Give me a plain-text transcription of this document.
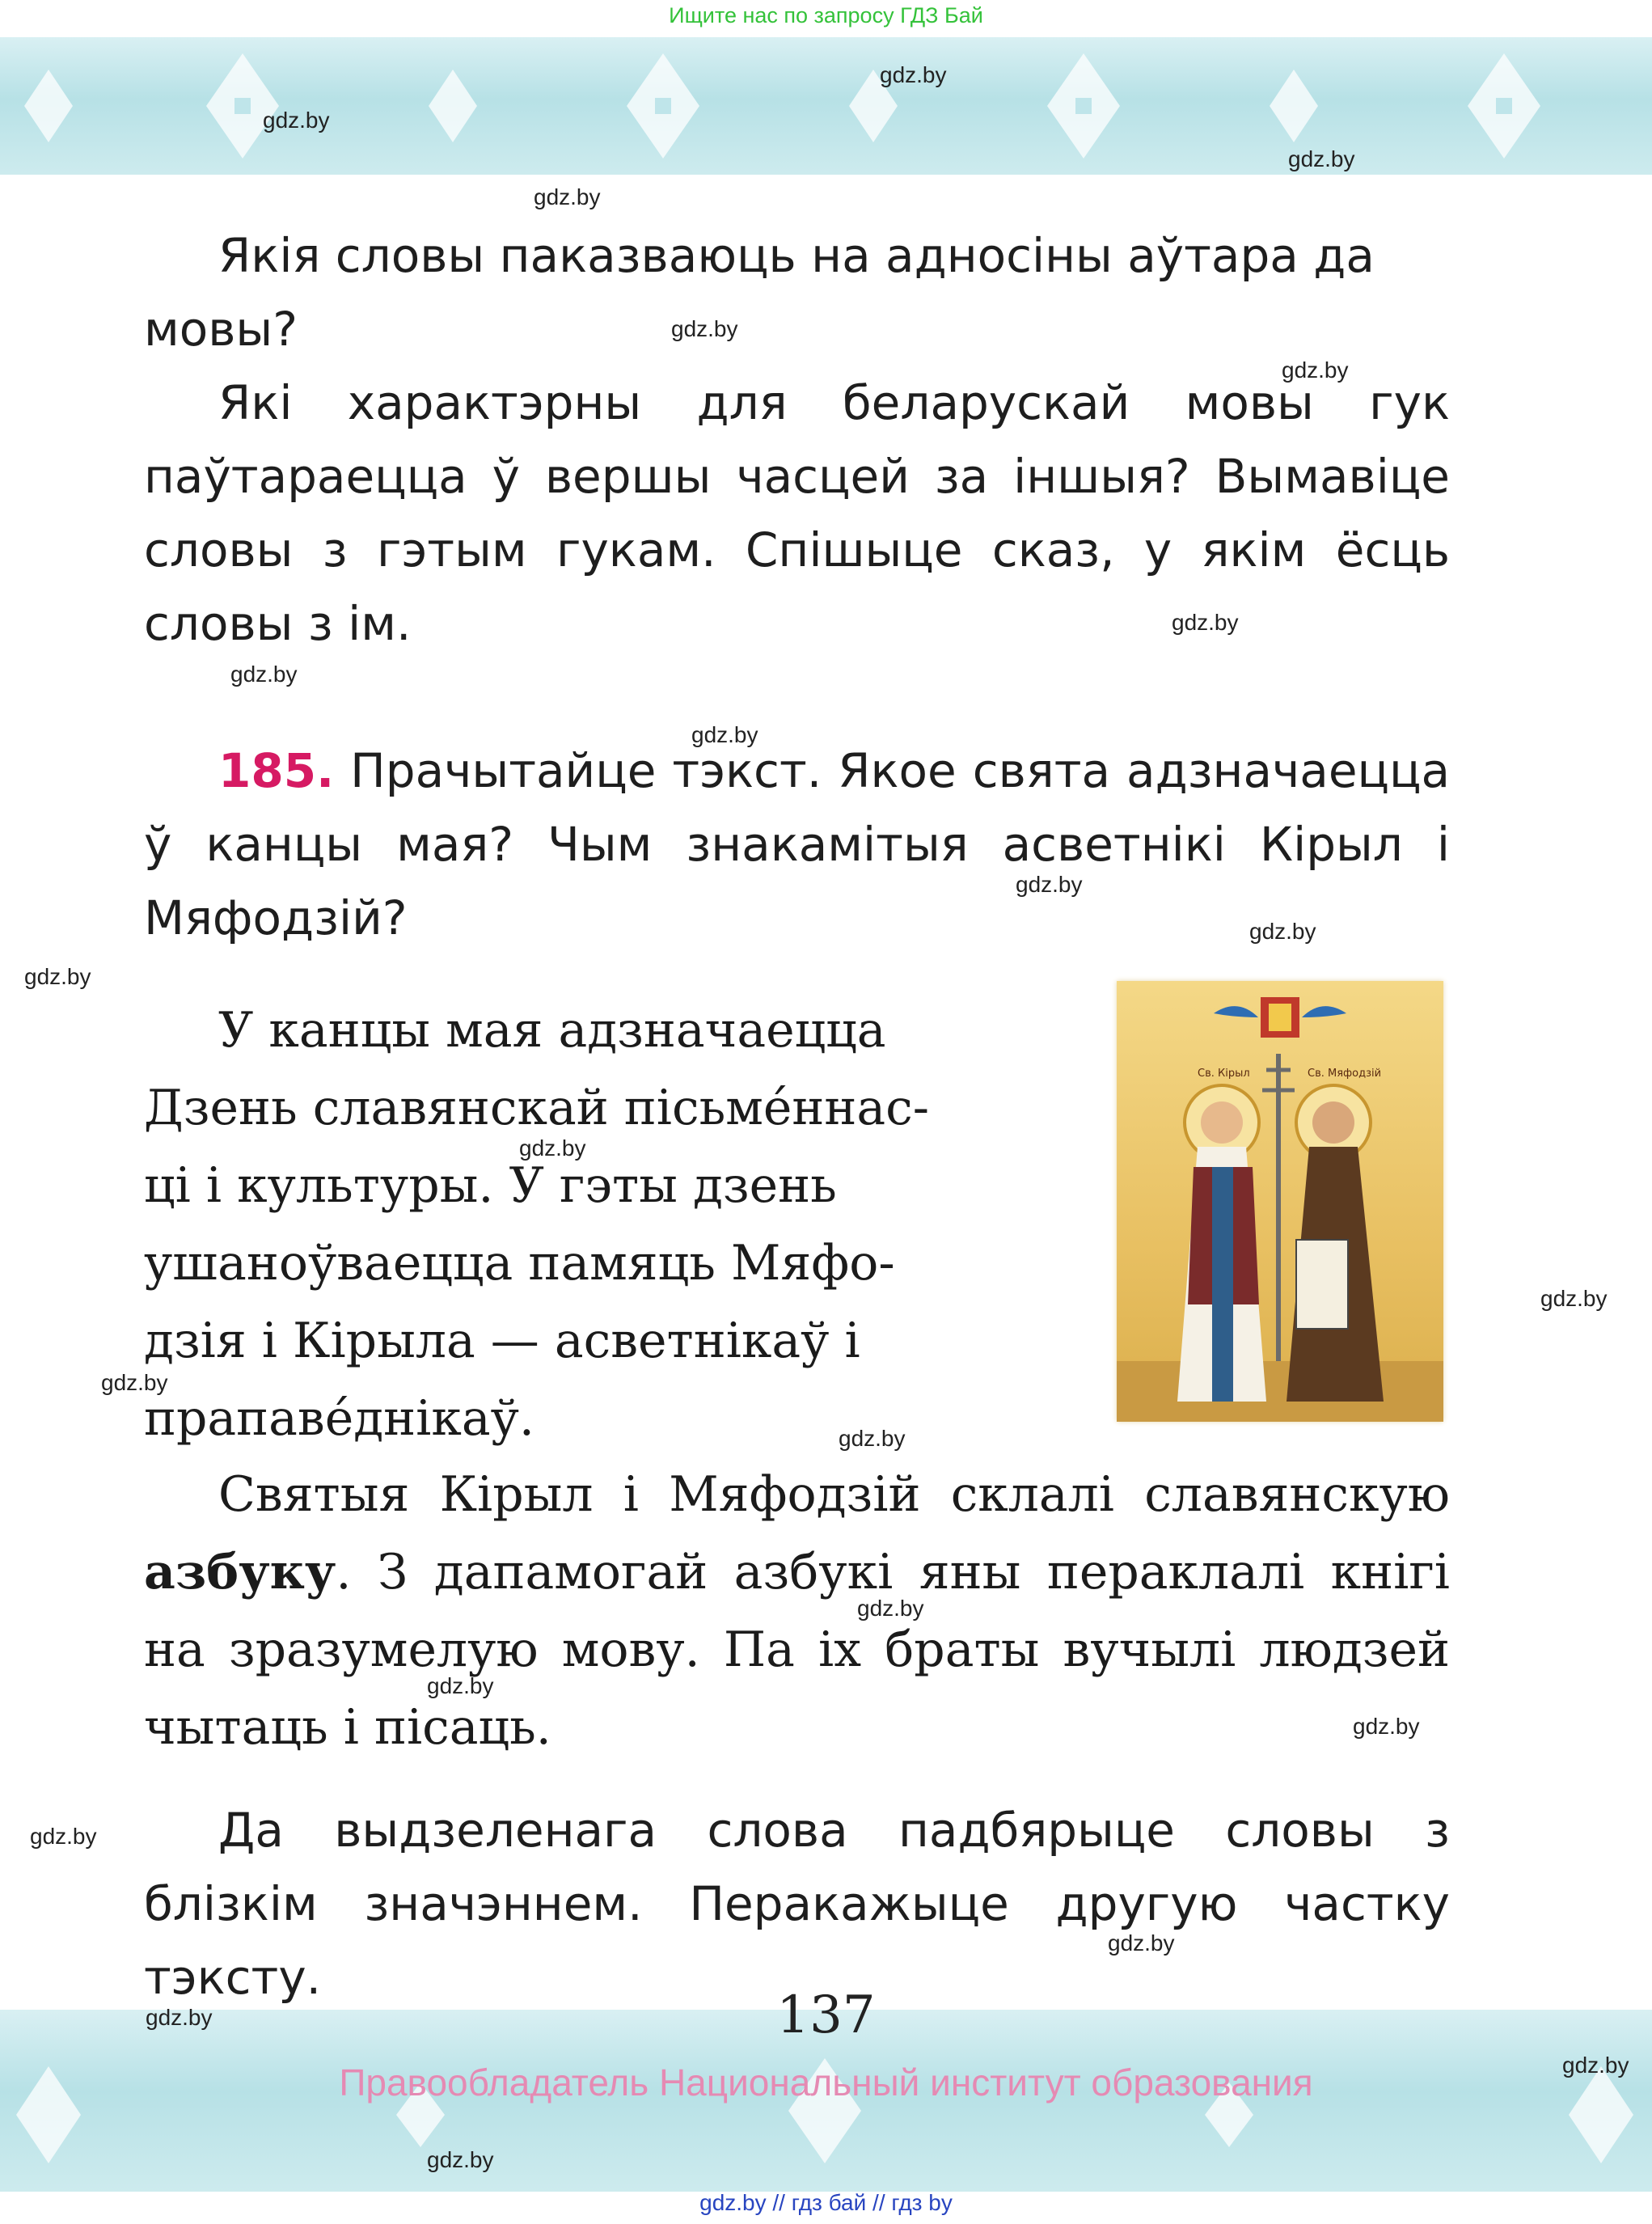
Ищите нас по запросу ГДЗ Бай

Якія словы паказваюць на адносіны аўтара да
мовы?

Які характэрны для беларускай мовы гук паўтараецца ў вершы часцей за іншыя? Вымавіце словы з гэтым гукам. Спішыце сказ, у якім ёсць словы з ім.

185. Прачытайце тэкст. Якое свята адзначаецца ў канцы мая? Чым знакамітыя асветнікі Кірыл і Мяфодзій?

У канцы мая адзначаецца

Дзень славянскай пісьме́ннас-

ці і культуры. У гэты дзень

ушаноўваецца памяць Мяфо-

дзія і Кірыла — асветнікаў і

прапаве́днікаў.

Св. Кірыл	Св. Мяфодзій

Святыя Кірыл і Мяфодзій склалі славянскую азбуку. З дапамогай азбукі яны пераклалі кнігі на зразумелую мову. Па іх браты вучылі людзей чытаць і пісаць.

Да выдзеленага слова падбярыце словы з блізкім значэннем. Перакажыце другую частку тэксту.

137
Правообладатель Национальный институт образования
gdz.by // гдз бай // гдз by
gdz.by
gdz.by
gdz.by
gdz.by
gdz.by
gdz.by
gdz.by
gdz.by
gdz.by
gdz.by
gdz.by
gdz.by
gdz.by
gdz.by
gdz.by
gdz.by
gdz.by
gdz.by
gdz.by
gdz.by
gdz.by
gdz.by
gdz.by
gdz.by
